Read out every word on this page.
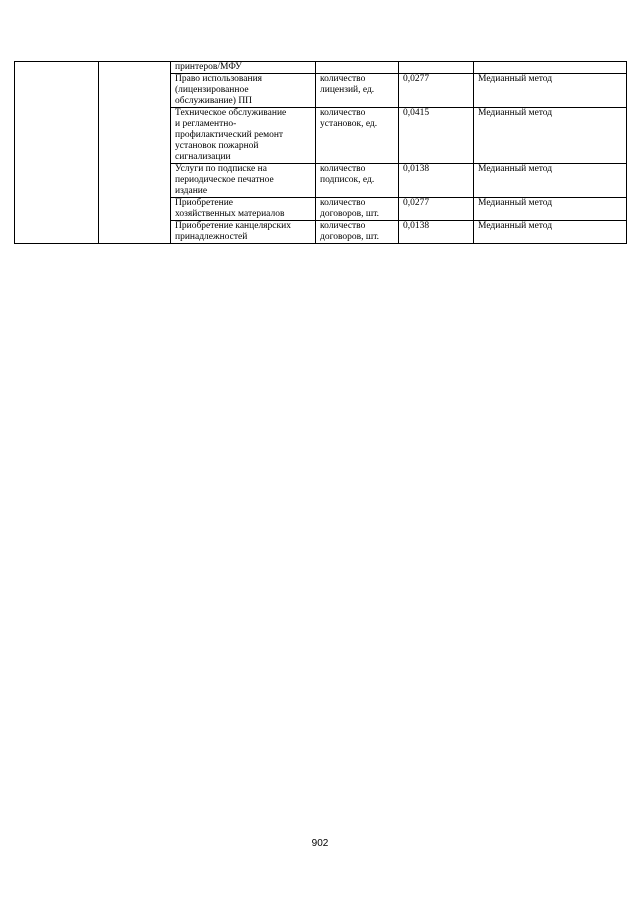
		принтеров/МФУ			
		Право использования
(лицензированное
обслуживание) ПП	количество
лицензий, ед.	0,0277	Медианный метод
		Техническое обслуживание
и регламентно-
профилактический ремонт
установок пожарной
сигнализации	количество
установок, ед.	0,0415	Медианный метод
		Услуги по подписке на
периодическое печатное
издание	количество
подписок, ед.	0,0138	Медианный метод
		Приобретение
хозяйственных материалов	количество
договоров, шт.	0,0277	Медианный метод
		Приобретение канцелярских
принадлежностей	количество
договоров, шт.	0,0138	Медианный метод
902
